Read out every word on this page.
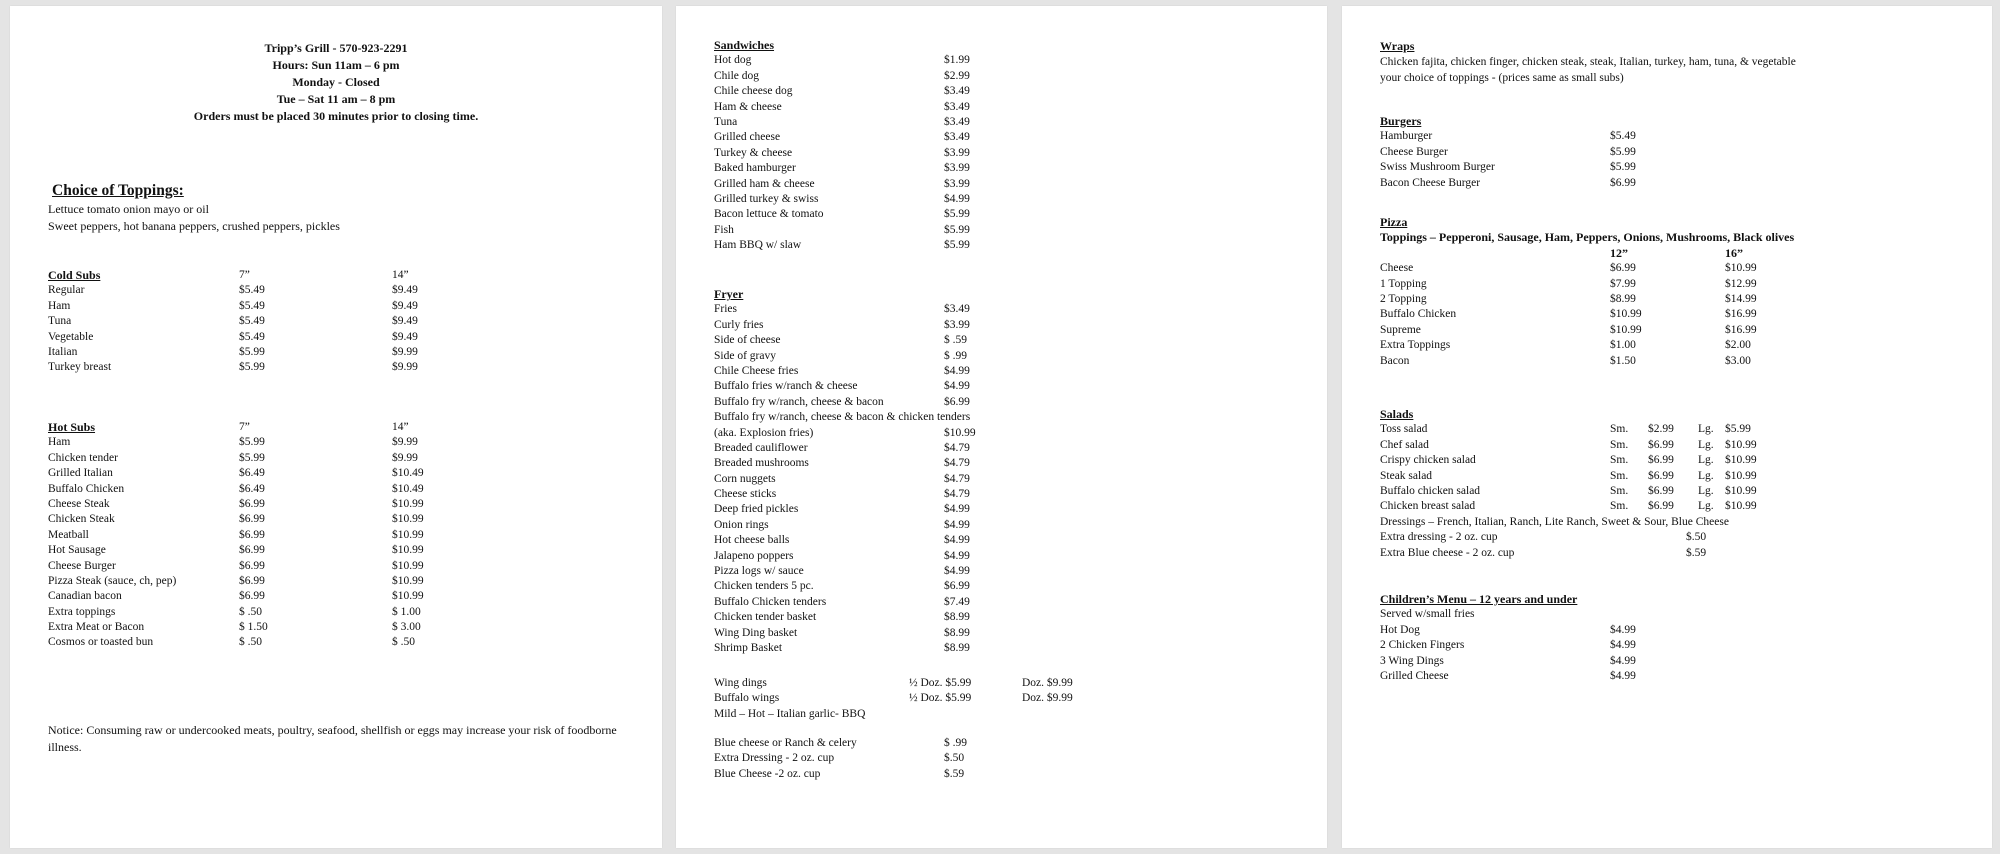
Tripp’s Grill - 570-923-2291
Hours: Sun 11am – 6 pm
Monday - Closed
Tue – Sat 11 am – 8 pm
Orders must be placed 30 minutes prior to closing time.
Choice of Toppings:
Lettuce tomato onion mayo or oil
Sweet peppers, hot banana peppers, crushed peppers, pickles
Cold Subs	7”	14”
Regular	$5.49	$9.49
Ham	$5.49	$9.49
Tuna	$5.49	$9.49
Vegetable	$5.49	$9.49
Italian	$5.99	$9.99
Turkey breast	$5.99	$9.99
Hot Subs	7”	14”
Ham	$5.99	$9.99
Chicken tender	$5.99	$9.99
Grilled Italian	$6.49	$10.49
Buffalo Chicken	$6.49	$10.49
Cheese Steak	$6.99	$10.99
Chicken Steak	$6.99	$10.99
Meatball	$6.99	$10.99
Hot Sausage	$6.99	$10.99
Cheese Burger	$6.99	$10.99
Pizza Steak (sauce, ch, pep)	$6.99	$10.99
Canadian bacon	$6.99	$10.99
Extra toppings	$ .50	$ 1.00
Extra Meat or Bacon	$ 1.50	$ 3.00
Cosmos or toasted bun	$ .50	$ .50
Notice: Consuming raw or undercooked meats, poultry, seafood, shellfish or eggs may increase your risk of foodborne illness.
Sandwiches
Hot dog	$1.99
Chile dog	$2.99
Chile cheese dog	$3.49
Ham & cheese	$3.49
Tuna	$3.49
Grilled cheese	$3.49
Turkey & cheese	$3.99
Baked hamburger	$3.99
Grilled ham & cheese	$3.99
Grilled turkey & swiss	$4.99
Bacon lettuce & tomato	$5.99
Fish	$5.99
Ham BBQ w/ slaw	$5.99
Fryer
Fries	$3.49
Curly fries	$3.99
Side of cheese	$ .59
Side of gravy	$ .99
Chile Cheese fries	$4.99
Buffalo fries w/ranch & cheese	$4.99
Buffalo fry w/ranch, cheese & bacon	$6.99
Buffalo fry w/ranch, cheese & bacon & chicken tenders
(aka. Explosion fries)	$10.99
Breaded cauliflower	$4.79
Breaded mushrooms	$4.79
Corn nuggets	$4.79
Cheese sticks	$4.79
Deep fried pickles	$4.99
Onion rings	$4.99
Hot cheese balls	$4.99
Jalapeno poppers	$4.99
Pizza logs w/ sauce	$4.99
Chicken tenders 5 pc.	$6.99
Buffalo Chicken tenders	$7.49
Chicken tender basket	$8.99
Wing Ding basket	$8.99
Shrimp Basket	$8.99
Wing dings	½ Doz. $5.99	Doz. $9.99
Buffalo wings	½ Doz. $5.99	Doz. $9.99
Mild – Hot – Italian garlic- BBQ
Blue cheese or Ranch & celery	$ .99
Extra Dressing - 2 oz. cup	$.50
Blue Cheese -2 oz. cup	$.59
Wraps
Chicken fajita, chicken finger, chicken steak, steak, Italian, turkey, ham, tuna, & vegetable
your choice of toppings - (prices same as small subs)
Burgers
Hamburger	$5.49
Cheese Burger	$5.99
Swiss Mushroom Burger	$5.99
Bacon Cheese Burger	$6.99
Pizza
Toppings – Pepperoni, Sausage, Ham, Peppers, Onions, Mushrooms, Black olives
12”	16”
Cheese	$6.99	$10.99
1 Topping	$7.99	$12.99
2 Topping	$8.99	$14.99
Buffalo Chicken	$10.99	$16.99
Supreme	$10.99	$16.99
Extra Toppings	$1.00	$2.00
Bacon	$1.50	$3.00
Salads
Toss salad	Sm. $2.99 Lg. $5.99
Chef salad	Sm. $6.99 Lg. $10.99
Crispy chicken salad	Sm. $6.99 Lg. $10.99
Steak salad	Sm. $6.99 Lg. $10.99
Buffalo chicken salad	Sm. $6.99 Lg. $10.99
Chicken breast salad	Sm. $6.99 Lg. $10.99
Dressings – French, Italian, Ranch, Lite Ranch, Sweet & Sour, Blue Cheese
Extra dressing - 2 oz. cup	$.50
Extra Blue cheese - 2 oz. cup	$.59
Children’s Menu – 12 years and under
Served w/small fries
Hot Dog	$4.99
2 Chicken Fingers	$4.99
3 Wing Dings	$4.99
Grilled Cheese	$4.99
